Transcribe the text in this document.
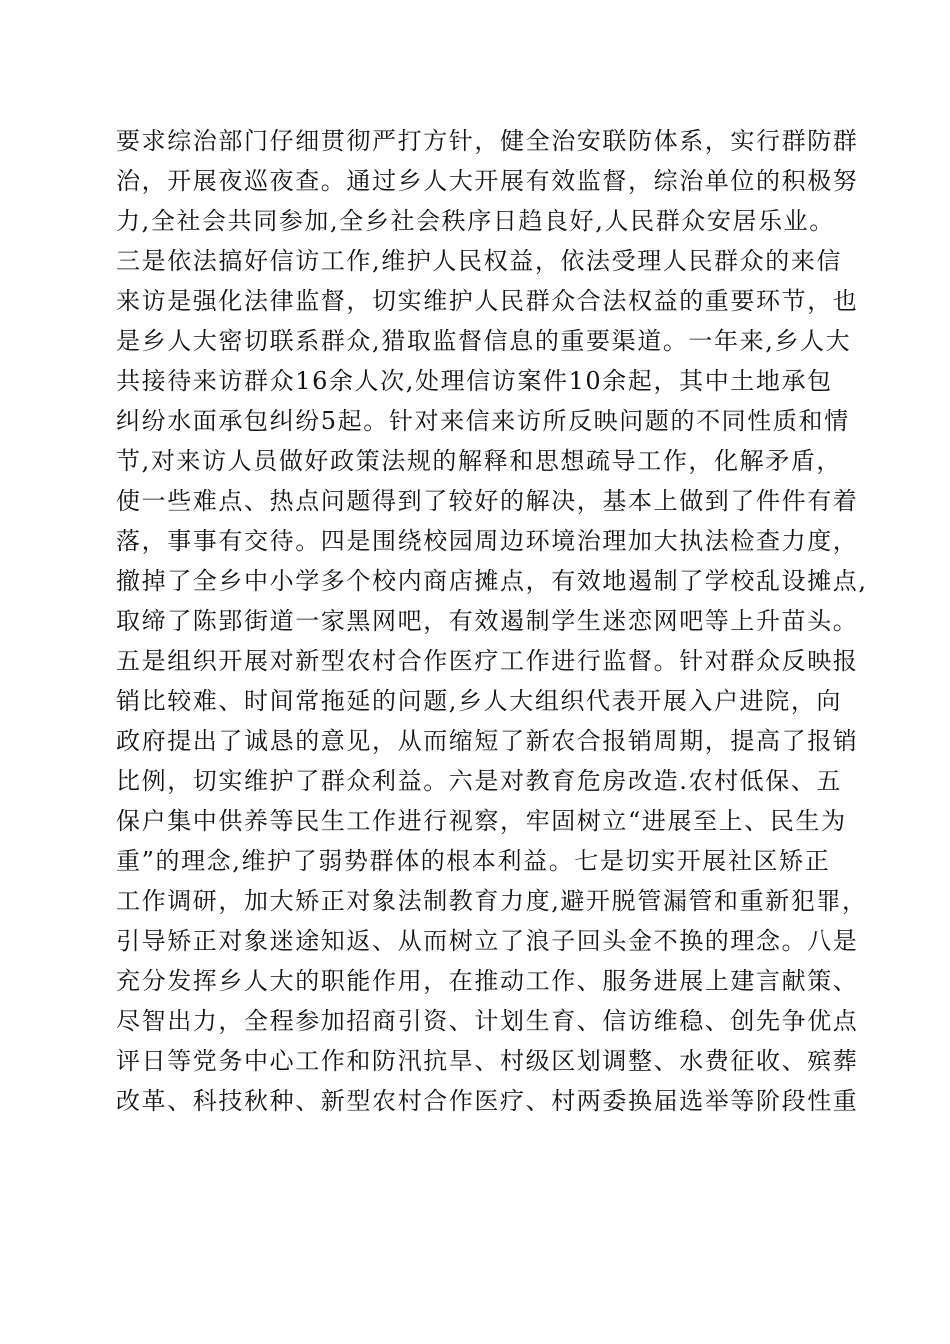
要求综治部门仔细贯彻严打方针，健全治安联防体系，实行群防群
治，开展夜巡夜查。通过乡人大开展有效监督，综治单位的积极努
力,全社会共同参加,全乡社会秩序日趋良好,人民群众安居乐业。
三是依法搞好信访工作,维护人民权益，依法受理人民群众的来信
来访是强化法律监督，切实维护人民群众合法权益的重要环节，也
是乡人大密切联系群众,猎取监督信息的重要渠道。一年来,乡人大
共接待来访群众16余人次,处理信访案件10余起，其中土地承包
纠纷水面承包纠纷5起。针对来信来访所反映问题的不同性质和情
节,对来访人员做好政策法规的解释和思想疏导工作，化解矛盾，
使一些难点、热点问题得到了较好的解决，基本上做到了件件有着
落，事事有交待。四是围绕校园周边环境治理加大执法检查力度，
撤掉了全乡中小学多个校内商店摊点，有效地遏制了学校乱设摊点,
取缔了陈郢街道一家黑网吧，有效遏制学生迷恋网吧等上升苗头。
五是组织开展对新型农村合作医疗工作进行监督。针对群众反映报
销比较难、时间常拖延的问题,乡人大组织代表开展入户进院，向
政府提出了诚恳的意见，从而缩短了新农合报销周期，提高了报销
比例，切实维护了群众利益。六是对教育危房改造.农村低保、五
保户集中供养等民生工作进行视察，牢固树立“进展至上、民生为
重”的理念,维护了弱势群体的根本利益。七是切实开展社区矫正
工作调研，加大矫正对象法制教育力度,避开脱管漏管和重新犯罪，
引导矫正对象迷途知返、从而树立了浪子回头金不换的理念。八是
充分发挥乡人大的职能作用，在推动工作、服务进展上建言献策、
尽智出力，全程参加招商引资、计划生育、信访维稳、创先争优点
评日等党务中心工作和防汛抗旱、村级区划调整、水费征收、殡葬
改革、科技秋种、新型农村合作医疗、村两委换届选举等阶段性重
